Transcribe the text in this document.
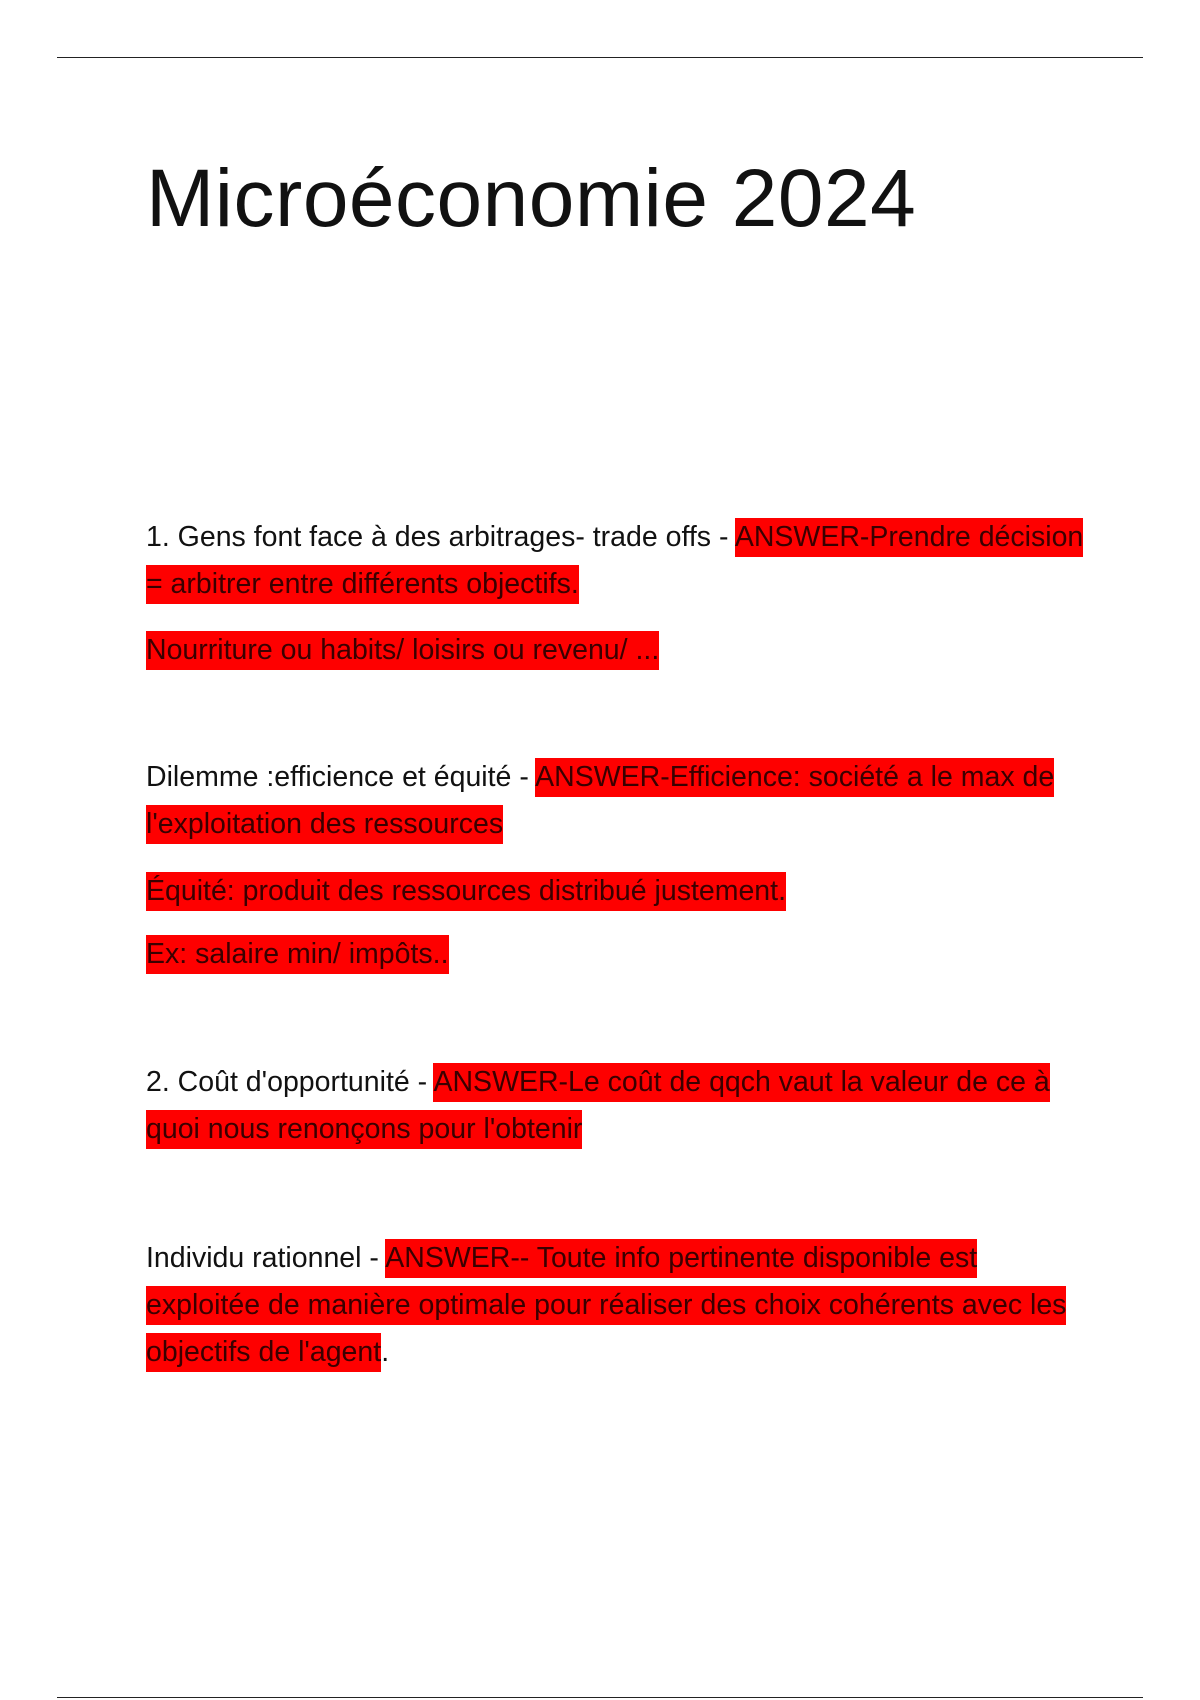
Microéconomie 2024

1. Gens font face à des arbitrages- trade offs - ANSWER-Prendre décision = arbitrer entre différents objectifs.

Nourriture ou habits/ loisirs ou revenu/ ...

Dilemme :efficience et équité - ANSWER-Efficience: société a le max de l'exploitation des ressources

Équité: produit des ressources distribué justement.

Ex: salaire min/ impôts..

2. Coût d'opportunité - ANSWER-Le coût de qqch vaut la valeur de ce à quoi nous renonçons pour l'obtenir

Individu rationnel - ANSWER-- Toute info pertinente disponible est exploitée de manière optimale pour réaliser des choix cohérents avec les objectifs de l'agent.
